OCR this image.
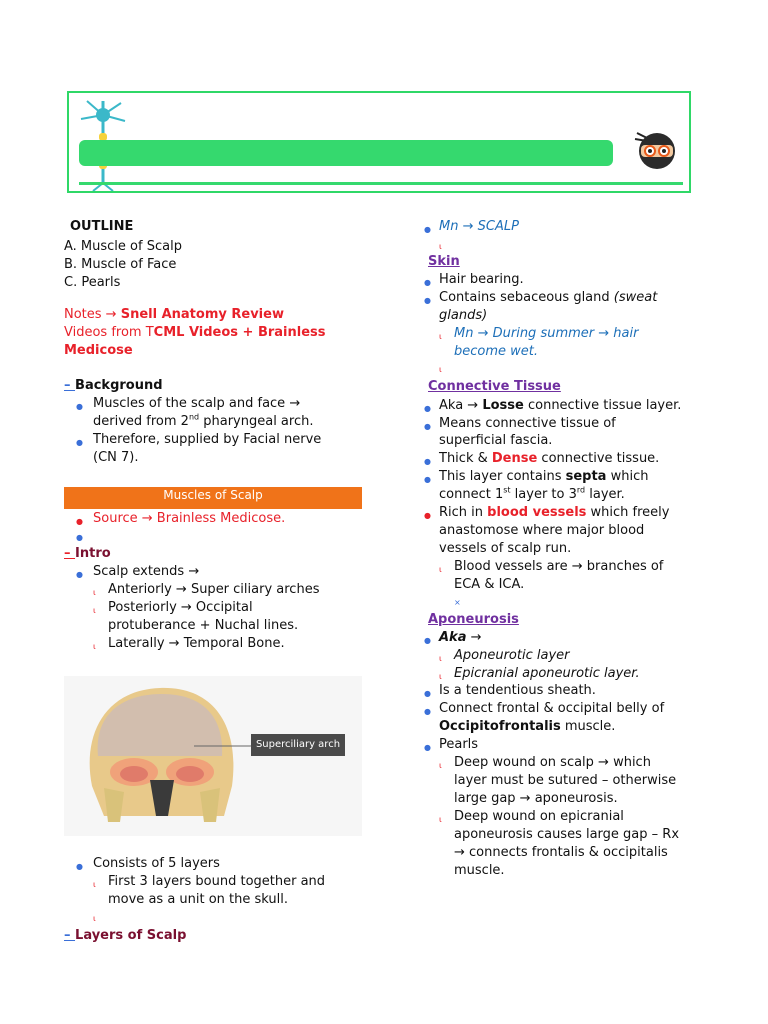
OUTLINE
A. Muscle of Scalp
B. Muscle of Face
C. Pearls
Notes → Snell Anatomy Review
Videos from TCML Videos + Brainless
Medicose
– Background
● Muscles of the scalp and face →
derived from 2nd pharyngeal arch.
● Therefore, supplied by Facial nerve
(CN 7).
Muscles of Scalp
● Source → Brainless Medicose.
●
– Intro
● Scalp extends →
ι Anteriorly → Super ciliary arches
ι Posteriorly → Occipital
protuberance + Nuchal lines.
ι Laterally → Temporal Bone.
Superciliary arch
● Consists of 5 layers
ι First 3 layers bound together and
move as a unit on the skull.
ι
– Layers of Scalp
● Mn → SCALP
ι
Skin
● Hair bearing.
● Contains sebaceous gland (sweat
glands)
ι Mn → During summer → hair
become wet.
ι
Connective Tissue
● Aka → Losse connective tissue layer.
● Means connective tissue of
superficial fascia.
● Thick & Dense connective tissue.
● This layer contains septa which
connect 1st layer to 3rd layer.
● Rich in blood vessels which freely
anastomose where major blood
vessels of scalp run.
ι Blood vessels are → branches of
ECA & ICA.
×
Aponeurosis
● Aka →
ι Aponeurotic layer
ι Epicranial aponeurotic layer.
● Is a tendentious sheath.
● Connect frontal & occipital belly of
Occipitofrontalis muscle.
● Pearls
ι Deep wound on scalp → which
layer must be sutured – otherwise
large gap → aponeurosis.
ι Deep wound on epicranial
aponeurosis causes large gap – Rx
→ connects frontalis & occipitalis
muscle.
